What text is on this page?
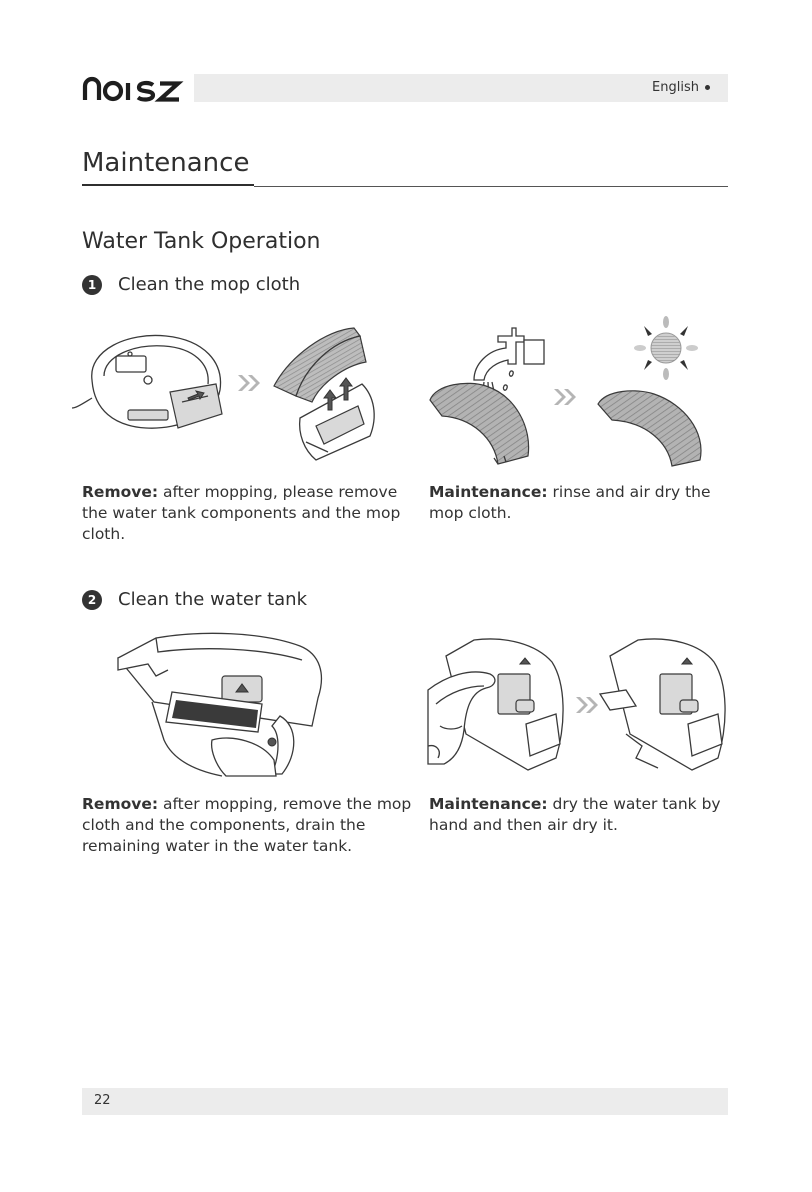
noısz
English
Maintenance
Water Tank Operation
1	Clean the mop cloth
Remove: after mopping, please remove the water tank components and the mop cloth.
Maintenance: rinse and air dry the mop cloth.
2	Clean the water tank
Remove: after mopping, remove the mop cloth and the components, drain the remaining water in the water tank.
Maintenance: dry the water tank by hand and then air dry it.
22
